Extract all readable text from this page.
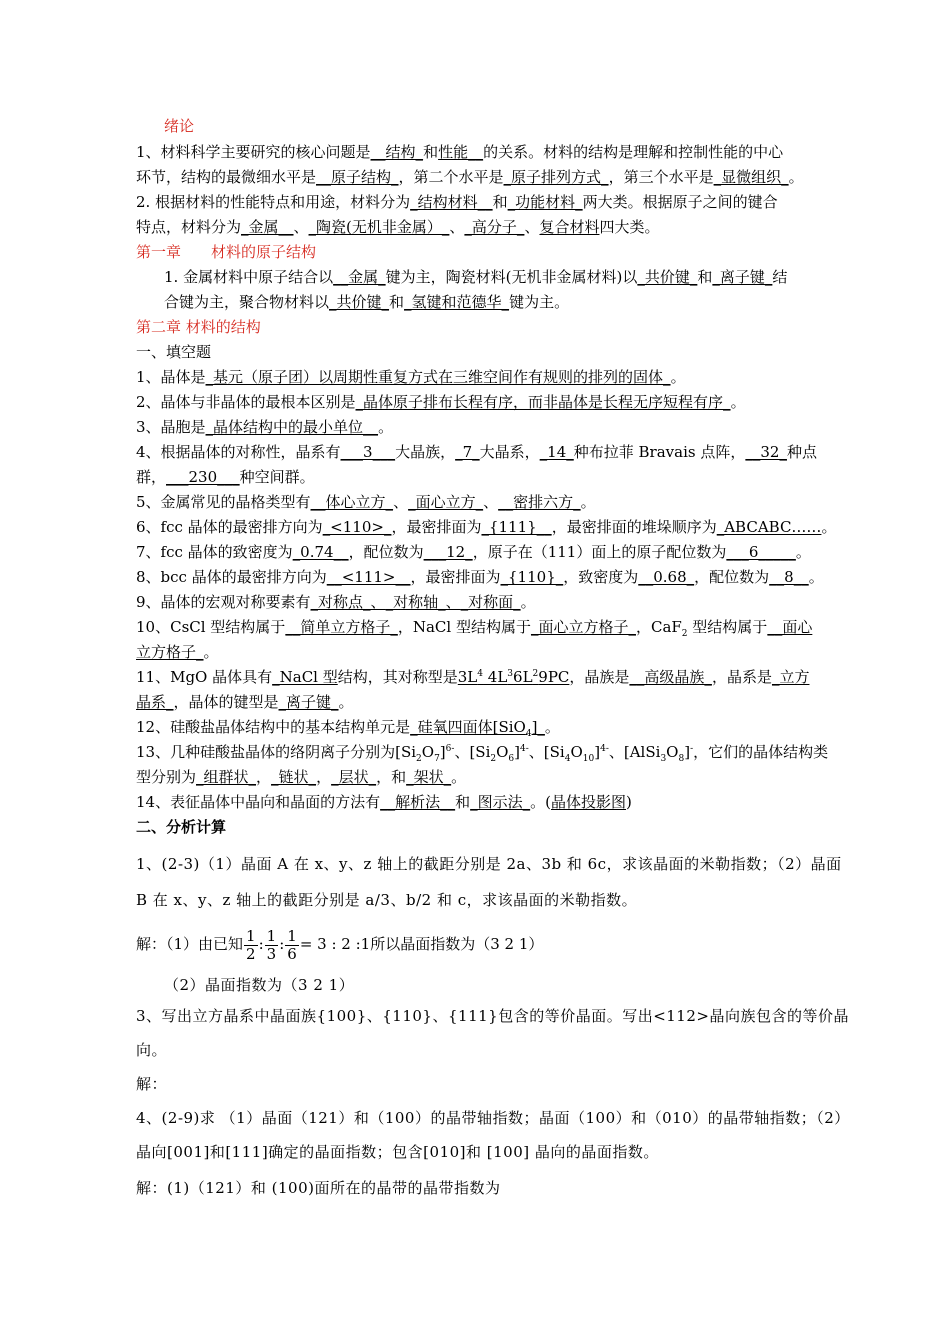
绪论
1、材料科学主要研究的核心问题是__结构_和性能__的关系。材料的结构是理解和控制性能的中心
环节，结构的最微细水平是__原子结构_，第二个水平是_原子排列方式_，第三个水平是_显微组织_。
2. 根据材料的性能特点和用途，材料分为_结构材料__和_功能材料_两大类。根据原子之间的键合
特点，材料分为_金属__、_陶瓷(无机非金属）_、_高分子_、复合材料四大类。
第一章　　材料的原子结构
1. 金属材料中原子结合以__金属_键为主，陶瓷材料(无机非金属材料)以_共价键_和_离子键_结
合键为主，聚合物材料以_共价键_和_氢键和范德华_键为主。
第二章 材料的结构
一、填空题
1、晶体是_基元（原子团）以周期性重复方式在三维空间作有规则的排列的固体_。
2、晶体与非晶体的最根本区别是_晶体原子排布长程有序，而非晶体是长程无序短程有序_。
3、晶胞是_晶体结构中的最小单位__。
4、根据晶体的对称性，晶系有___3___大晶族，_7_大晶系，_14_种布拉菲 Bravais 点阵，__32_种点
群，___230___种空间群。
5、金属常见的晶格类型有__体心立方_、_面心立方_、__密排六方_。
6、fcc 晶体的最密排方向为_<110>_，最密排面为_{111}__，最密排面的堆垛顺序为_ABCABC……。
7、fcc 晶体的致密度为_0.74__，配位数为___12_，原子在（111）面上的原子配位数为___6_____。
8、bcc 晶体的最密排方向为__<111>__，最密排面为_{110}_，致密度为__0.68_，配位数为__8__。
9、晶体的宏观对称要素有_对称点_、_对称轴_、_对称面_。
10、CsCl 型结构属于__简单立方格子_，NaCl 型结构属于_面心立方格子_，CaF$_2$ 型结构属于__面心
立方格子_。
11、MgO 晶体具有_NaCl 型结构，其对称型是$3L^4$ $4L^36L^29PC$，晶族是__高级晶族_，晶系是_立方
晶系_，晶体的键型是_离子键_。
12、硅酸盐晶体结构中的基本结构单元是_硅氧四面体[SiO$_4$]_。
13、几种硅酸盐晶体的络阴离子分别为$[Si_2O_7]^{6-}$、$[Si_2O_6]^{4-}$、$[Si_4O_{10}]^{4-}$、$[AlSi_3O_8]^-$，它们的晶体结构类
型分别为_组群状_，_链状_，_层状_，和_架状_。
14、表征晶体中晶向和晶面的方法有__解析法__和_图示法_。(晶体投影图)
二、分析计算
1、(2-3)（1）晶面 A 在 x、y、z 轴上的截距分别是 2a、3b 和 6c，求该晶面的米勒指数；（2）晶面
B 在 x、y、z 轴上的截距分别是 a/3、b/2 和 c，求该晶面的米勒指数。
解：（1）由已知 $\frac{1}{2}$ : $\frac{1}{3}$ : $\frac{1}{6} = 3$ : 2 :1所以晶面指数为（3 2 1）
（2）晶面指数为（3 2 1）
3、写出立方晶系中晶面族{100}、{110}、{111}包含的等价晶面。写出<112>晶向族包含的等价晶
向。
解：
4、(2-9)求 （1）晶面（121）和（100）的晶带轴指数；晶面（100）和（010）的晶带轴指数；（2）
晶向[001]和[111]确定的晶面指数；包含[010]和 [100] 晶向的晶面指数。
解：(1)（121）和 (100)面所在的晶带的晶带指数为
